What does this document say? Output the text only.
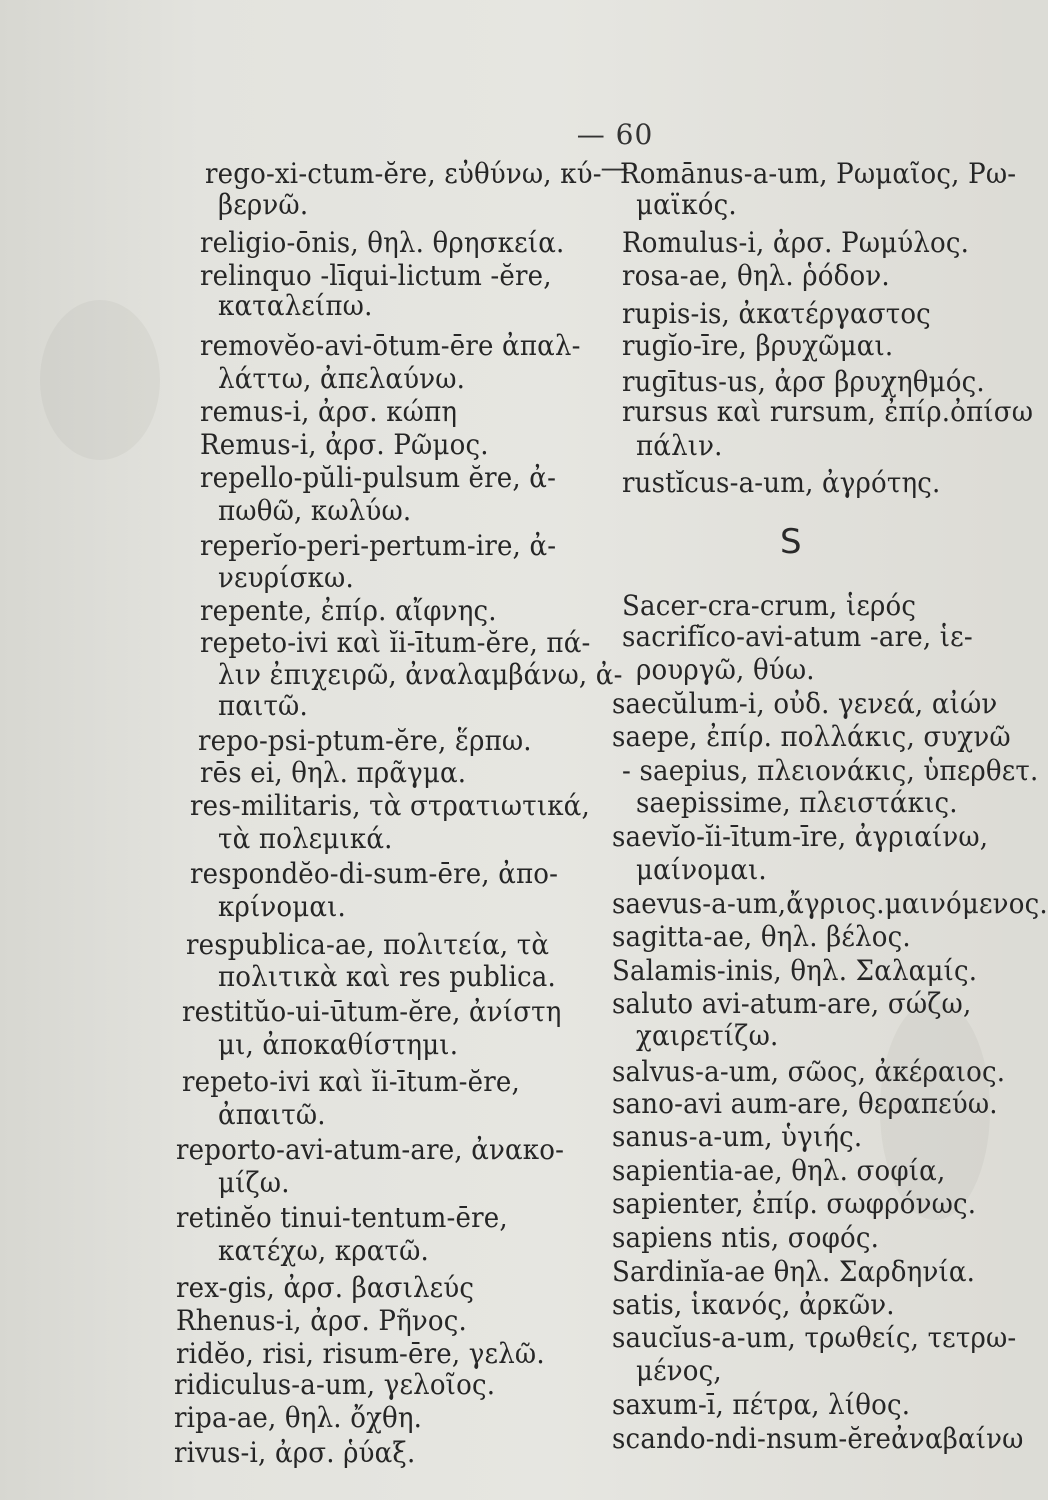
— 60 —
rego-xi-ctum-ĕre, εὐθύνω, κύ-
βερνῶ.
religio-ōnis, θηλ. θρησκεία.
relinquo -līqui-lictum -ĕre,
καταλείπω.
removĕo-avi-ōtum-ēre ἀπαλ-
λάττω, ἀπελαύνω.
remus-i, ἀρσ. κώπη
Remus-i, ἀρσ. Ρῶμος.
repello-pŭli-pulsum ĕre, ἀ-
πωθῶ, κωλύω.
reperĭo-peri-pertum-ire, ἀ-
νευρίσκω.
repente, ἐπίρ. αἴφνης.
repeto-ivi καὶ ĭi-ītum-ĕre, πά-
λιν ἐπιχειρῶ, ἀναλαμβάνω, ἀ-
παιτῶ.
repo-psi-ptum-ĕre, ἕρπω.
rēs ei, θηλ. πρᾶγμα.
res-militaris, τὰ στρατιωτικά,
τὰ πολεμικά.
respondĕo-di-sum-ēre, ἀπο-
κρίνομαι.
respublica-ae, πολιτεία, τὰ
πολιτικὰ καὶ res publica.
restitŭo-ui-ūtum-ĕre, ἀνίστη
μι, ἀποκαθίστημι.
repeto-ivi καὶ ĭi-ītum-ĕre,
ἀπαιτῶ.
reporto-avi-atum-are, ἀνακο-
μίζω.
retinĕo tinui-tentum-ēre,
κατέχω, κρατῶ.
rex-gis, ἀρσ. βασιλεύς
Rhenus-i, ἀρσ. Ρῆνος.
ridĕo, risi, risum-ēre, γελῶ.
ridiculus-a-um, γελοῖος.
ripa-ae, θηλ. ὄχθη.
rivus-i, ἀρσ. ῥύαξ.
Romānus-a-um, Ρωμαῖος, Ρω-
μαϊκός.
Romulus-i, ἀρσ. Ρωμύλος.
rosa-ae, θηλ. ῥόδον.
rupis-is, ἀκατέργαστος
rugĭo-īre, βρυχῶμαι.
rugītus-us, ἀρσ βρυχηθμός.
rursus καὶ rursum, ἐπίρ.ὀπίσω
πάλιν.
rustĭcus-a-um, ἀγρότης.
Sacer-cra-crum, ἱερός
sacrifĭco-avi-atum -are, ἱε-
ρουργῶ, θύω.
saecŭlum-i, οὐδ. γενεά, αἰών
saepe, ἐπίρ. πολλάκις, συχνῶ
- saepius, πλειονάκις, ὑπερθετ.
saepissime, πλειστάκις.
saevĭo-ĭi-ītum-īre, ἀγριαίνω,
μαίνομαι.
saevus-a-um,ἄγριος.μαινόμενος.
sagitta-ae, θηλ. βέλος.
Salamis-inis, θηλ. Σαλαμίς.
saluto avi-atum-are, σώζω,
χαιρετίζω.
salvus-a-um, σῶος, ἀκέραιος.
sano-avi aum-are, θεραπεύω.
sanus-a-um, ὑγιής.
sapientia-ae, θηλ. σοφία,
sapienter, ἐπίρ. σωφρόνως.
sapiens ntis, σοφός.
Sardinĭa-ae θηλ. Σαρδηνία.
satis, ἱκανός, ἀρκῶν.
saucĭus-a-um, τρωθείς, τετρω-
μένος,
saxum-ī, πέτρα, λίθος.
scando-ndi-nsum-ĕreἀναβαίνω
S
